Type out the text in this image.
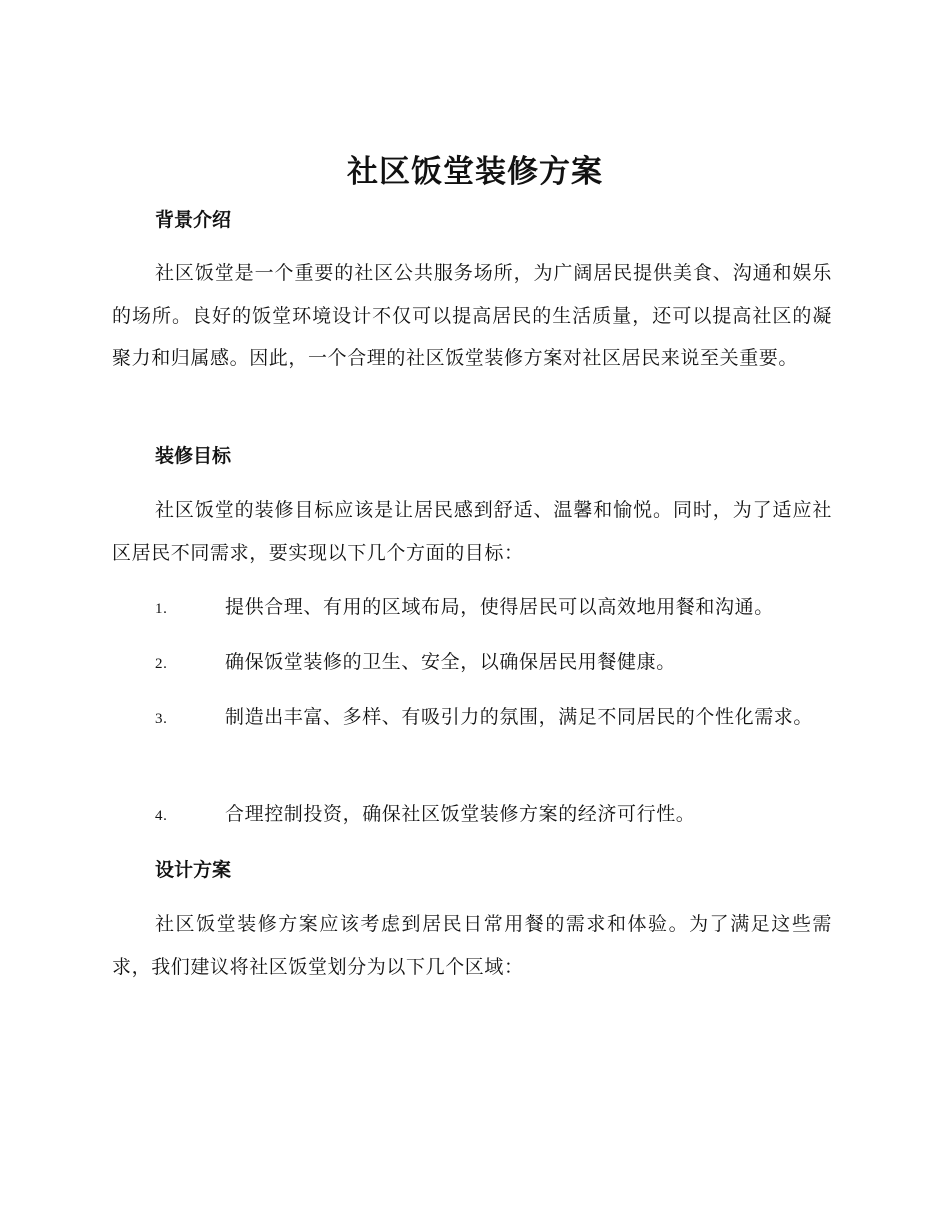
社区饭堂装修方案
背景介绍
社区饭堂是一个重要的社区公共服务场所，为广阔居民提供美食、沟通和娱乐的场所。良好的饭堂环境设计不仅可以提高居民的生活质量，还可以提高社区的凝聚力和归属感。因此，一个合理的社区饭堂装修方案对社区居民来说至关重要。
装修目标
社区饭堂的装修目标应该是让居民感到舒适、温馨和愉悦。同时，为了适应社区居民不同需求，要实现以下几个方面的目标：
1.	提供合理、有用的区域布局，使得居民可以高效地用餐和沟通。
2.	确保饭堂装修的卫生、安全，以确保居民用餐健康。
3.	制造出丰富、多样、有吸引力的氛围，满足不同居民的个性化需求。
4.	合理控制投资，确保社区饭堂装修方案的经济可行性。
设计方案
社区饭堂装修方案应该考虑到居民日常用餐的需求和体验。为了满足这些需求，我们建议将社区饭堂划分为以下几个区域：
